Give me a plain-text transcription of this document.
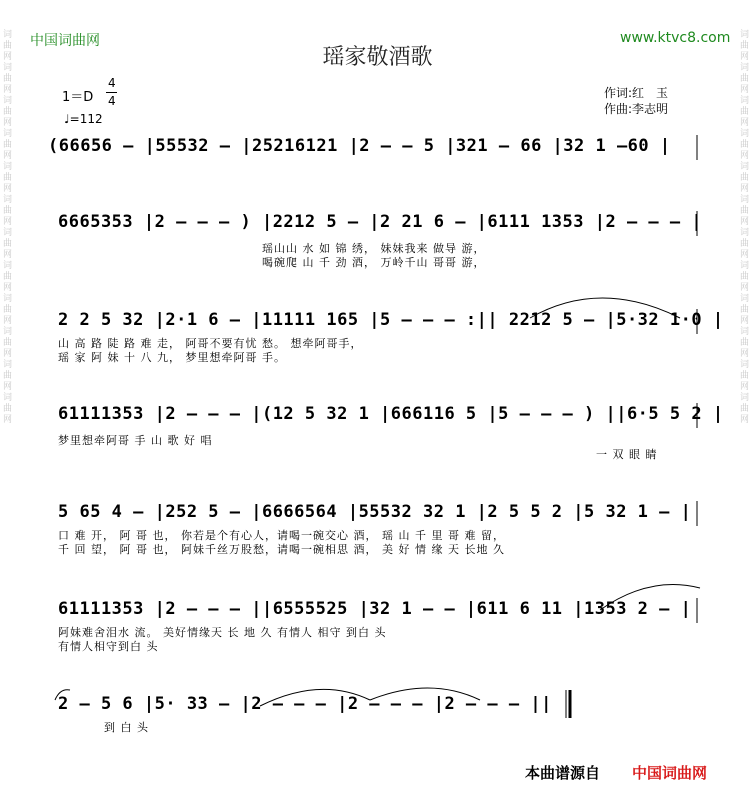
词 曲 网 词 曲 网 词 曲 网 词 曲 网 词 曲 网 词 曲 网 词 曲 网 词 曲 网 词 曲 网 词 曲 网 词 曲 网 词 曲 网
词 曲 网 词 曲 网 词 曲 网 词 曲 网 词 曲 网 词 曲 网 词 曲 网 词 曲 网 词 曲 网 词 曲 网 词 曲 网 词 曲 网
中国词曲网	www.ktvc8.com
瑶家敬酒歌
1＝D
4
4
♩=112
作词:红　玉
作曲:李志明
(66656 – |55532 – |25216121 |2 – – 5 |321 – 66 |32 1 –60 |
6665353 |2 – – – ) |2212 5 – |2 21 6 – |6111 1353 |2 – – – |
瑶山山 水 如 锦 绣， 妹妹我来 做导 游，
喝碗爬 山 千 劲 酒， 万岭千山 哥哥 游，
2 2 5 32 |2·1 6 – |11111 165 |5 – – – :|| 2212 5 – |5·32 1·0 |
山 高 路 陡 路 难 走， 阿哥不要有忧 愁。 想牵阿哥手，
瑶 家 阿 妹 十 八 九， 梦里想牵阿哥 手。
61111353 |2 – – – |(12 5 32 1 |666116 5 |5 – – – ) ||6·5 5 2 |
梦里想牵阿哥 手 山 歌 好 唱
一 双 眼 睛
5 65 4 – |252 5 – |6666564 |55532 32 1 |2 5 5 2 |5 32 1 – |
口 难 开， 阿 哥 也， 你若是个有心人，请喝一碗交心 酒， 瑶 山 千 里 哥 难 留，
千 回 望， 阿 哥 也， 阿妹千丝万股愁，请喝一碗相思 酒， 美 好 情 缘 天 长地 久
61111353 |2 – – – ||6555525 |32 1 – – |611 6 11 |1353 2 – |
阿妹难舍泪水 流。 美好情缘天 长 地 久 有情人 相守 到白 头
有情人相守到白 头
2 – 5 6 |5· 33 – |2 – – – |2 – – – |2 – – – ||
到 白 头
本曲谱源自 中国词曲网
